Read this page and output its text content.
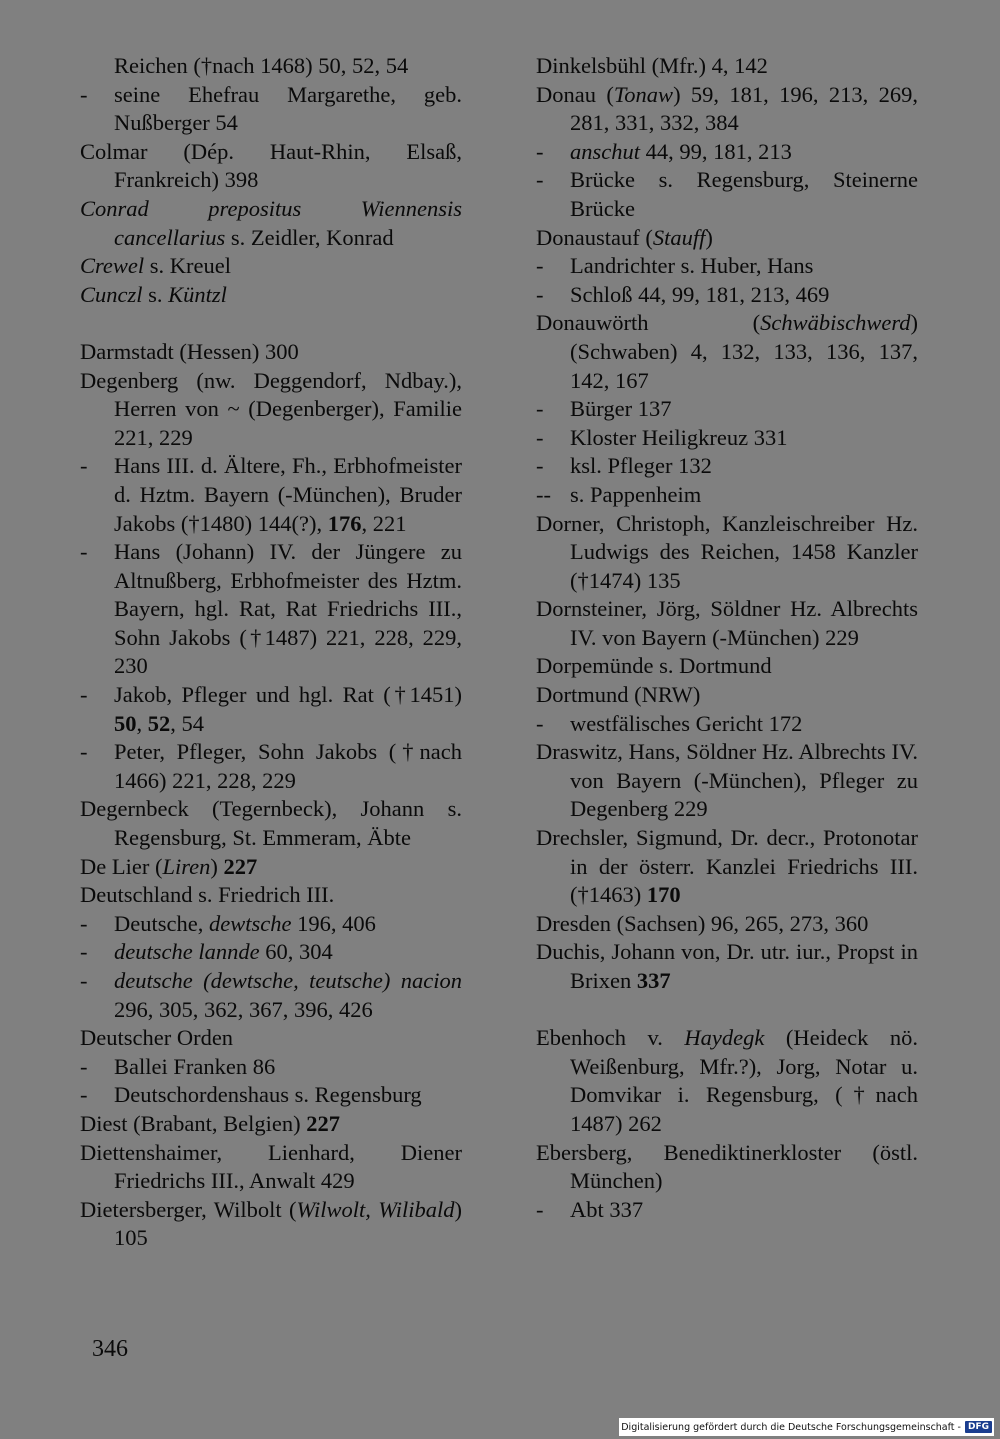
Reichen (†nach 1468) 50, 52, 54
-	seine Ehefrau Margarethe, geb. Nußberger 54
Colmar (Dép. Haut-Rhin, Elsaß, Frankreich) 398
Conrad prepositus Wiennensis cancellarius s. Zeidler, Konrad
Crewel s. Kreuel
Cunczl s. Küntzl
Darmstadt (Hessen) 300
Degenberg (nw. Deggendorf, Ndbay.), Herren von ~ (Degenberger), Familie 221, 229
-	Hans III. d. Ältere, Fh., Erbhofmeister d. Hztm. Bayern (-München), Bruder Jakobs (†1480) 144(?), 176, 221
-	Hans (Johann) IV. der Jüngere zu Altnußberg, Erbhofmeister des Hztm. Bayern, hgl. Rat, Rat Friedrichs III., Sohn Jakobs (†1487) 221, 228, 229, 230
-	Jakob, Pfleger und hgl. Rat (†1451) 50, 52, 54
-	Peter, Pfleger, Sohn Jakobs (†nach 1466) 221, 228, 229
Degernbeck (Tegernbeck), Johann s. Regensburg, St. Emmeram, Äbte
De Lier (Liren) 227
Deutschland s. Friedrich III.
-	Deutsche, dewtsche 196, 406
-	deutsche lannde 60, 304
-	deutsche (dewtsche, teutsche) nacion 296, 305, 362, 367, 396, 426
Deutscher Orden
-	Ballei Franken 86
-	Deutschordenshaus s. Regensburg
Diest (Brabant, Belgien) 227
Diettenshaimer, Lienhard, Diener Friedrichs III., Anwalt 429
Dietersberger, Wilbolt (Wilwolt, Wilibald) 105
Dinkelsbühl (Mfr.) 4, 142
Donau (Tonaw) 59, 181, 196, 213, 269, 281, 331, 332, 384
-	anschut 44, 99, 181, 213
-	Brücke s. Regensburg, Steinerne Brücke
Donaustauf (Stauff)
-	Landrichter s. Huber, Hans
-	Schloß 44, 99, 181, 213, 469
Donauwörth (Schwäbischwerd) (Schwaben) 4, 132, 133, 136, 137, 142, 167
-	Bürger 137
-	Kloster Heiligkreuz 331
-	ksl. Pfleger 132
-- s. Pappenheim
Dorner, Christoph, Kanzleischreiber Hz. Ludwigs des Reichen, 1458 Kanzler (†1474) 135
Dornsteiner, Jörg, Söldner Hz. Albrechts IV. von Bayern (-München) 229
Dorpemünde s. Dortmund
Dortmund (NRW)
-	westfälisches Gericht 172
Draswitz, Hans, Söldner Hz. Albrechts IV. von Bayern (-München), Pfleger zu Degenberg 229
Drechsler, Sigmund, Dr. decr., Protonotar in der österr. Kanzlei Friedrichs III. (†1463) 170
Dresden (Sachsen) 96, 265, 273, 360
Duchis, Johann von, Dr. utr. iur., Propst in Brixen 337
Ebenhoch v. Haydegk (Heideck nö. Weißenburg, Mfr.?), Jorg, Notar u. Domvikar i. Regensburg, (†nach 1487) 262
Ebersberg, Benediktinerkloster (östl. München)
-	Abt 337
346
Digitalisierung gefördert durch die Deutsche Forschungsgemeinschaft - DFG
